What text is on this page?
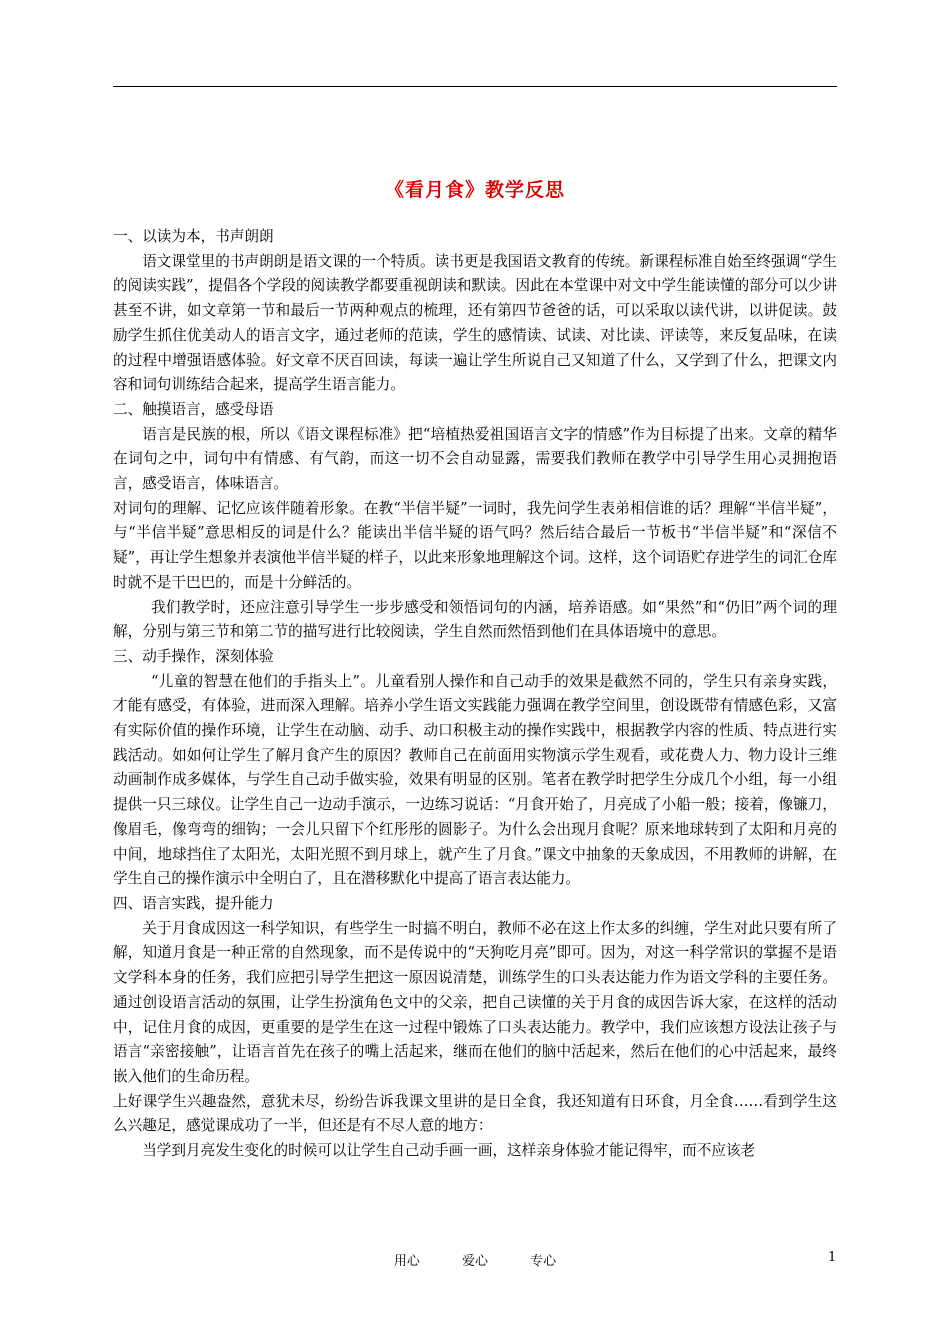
《看月食》教学反思

一、以读为本，书声朗朗

语文课堂里的书声朗朗是语文课的一个特质。读书更是我国语文教育的传统。新课程标准自始至终强调“学生的阅读实践”，提倡各个学段的阅读教学都要重视朗读和默读。因此在本堂课中对文中学生能读懂的部分可以少讲甚至不讲，如文章第一节和最后一节两种观点的梳理，还有第四节爸爸的话，可以采取以读代讲，以讲促读。鼓励学生抓住优美动人的语言文字，通过老师的范读，学生的感情读、试读、对比读、评读等，来反复品味，在读的过程中增强语感体验。好文章不厌百回读，每读一遍让学生所说自己又知道了什么，又学到了什么，把课文内容和词句训练结合起来，提高学生语言能力。

二、触摸语言，感受母语

语言是民族的根，所以《语文课程标准》把“培植热爱祖国语言文字的情感”作为目标提了出来。文章的精华在词句之中，词句中有情感、有气韵，而这一切不会自动显露，需要我们教师在教学中引导学生用心灵拥抱语言，感受语言，体味语言。

对词句的理解、记忆应该伴随着形象。在教“半信半疑”一词时，我先问学生表弟相信谁的话？理解“半信半疑”，与“半信半疑”意思相反的词是什么？能读出半信半疑的语气吗？然后结合最后一节板书“半信半疑”和“深信不疑”，再让学生想象并表演他半信半疑的样子，以此来形象地理解这个词。这样，这个词语贮存进学生的词汇仓库时就不是干巴巴的，而是十分鲜活的。

我们教学时，还应注意引导学生一步步感受和领悟词句的内涵，培养语感。如“果然”和“仍旧”两个词的理解，分别与第三节和第二节的描写进行比较阅读，学生自然而然悟到他们在具体语境中的意思。

三、动手操作，深刻体验

“儿童的智慧在他们的手指头上”。儿童看别人操作和自己动手的效果是截然不同的，学生只有亲身实践，才能有感受，有体验，进而深入理解。培养小学生语文实践能力强调在教学空间里，创设既带有情感色彩，又富有实际价值的操作环境，让学生在动脑、动手、动口积极主动的操作实践中，根据教学内容的性质、特点进行实践活动。如如何让学生了解月食产生的原因？教师自己在前面用实物演示学生观看，或花费人力、物力设计三维动画制作成多媒体，与学生自己动手做实验，效果有明显的区别。笔者在教学时把学生分成几个小组，每一小组提供一只三球仪。让学生自己一边动手演示，一边练习说话：“月食开始了，月亮成了小船一般；接着，像镰刀，像眉毛，像弯弯的细钩；一会儿只留下个红彤彤的圆影子。为什么会出现月食呢？原来地球转到了太阳和月亮的中间，地球挡住了太阳光，太阳光照不到月球上，就产生了月食。”课文中抽象的天象成因，不用教师的讲解，在学生自己的操作演示中全明白了，且在潜移默化中提高了语言表达能力。

四、语言实践，提升能力

关于月食成因这一科学知识，有些学生一时搞不明白，教师不必在这上作太多的纠缠，学生对此只要有所了解，知道月食是一种正常的自然现象，而不是传说中的“天狗吃月亮”即可。因为，对这一科学常识的掌握不是语文学科本身的任务，我们应把引导学生把这一原因说清楚，训练学生的口头表达能力作为语文学科的主要任务。通过创设语言活动的氛围，让学生扮演角色文中的父亲，把自己读懂的关于月食的成因告诉大家，在这样的活动中，记住月食的成因，更重要的是学生在这一过程中锻炼了口头表达能力。教学中，我们应该想方设法让孩子与语言“亲密接触”，让语言首先在孩子的嘴上活起来，继而在他们的脑中活起来，然后在他们的心中活起来，最终嵌入他们的生命历程。

上好课学生兴趣盎然，意犹未尽，纷纷告诉我课文里讲的是日全食，我还知道有日环食，月全食……看到学生这么兴趣足，感觉课成功了一半，但还是有不尽人意的地方：

当学到月亮发生变化的时候可以让学生自己动手画一画，这样亲身体验才能记得牢，而不应该老

用心	爱心	专心	1
